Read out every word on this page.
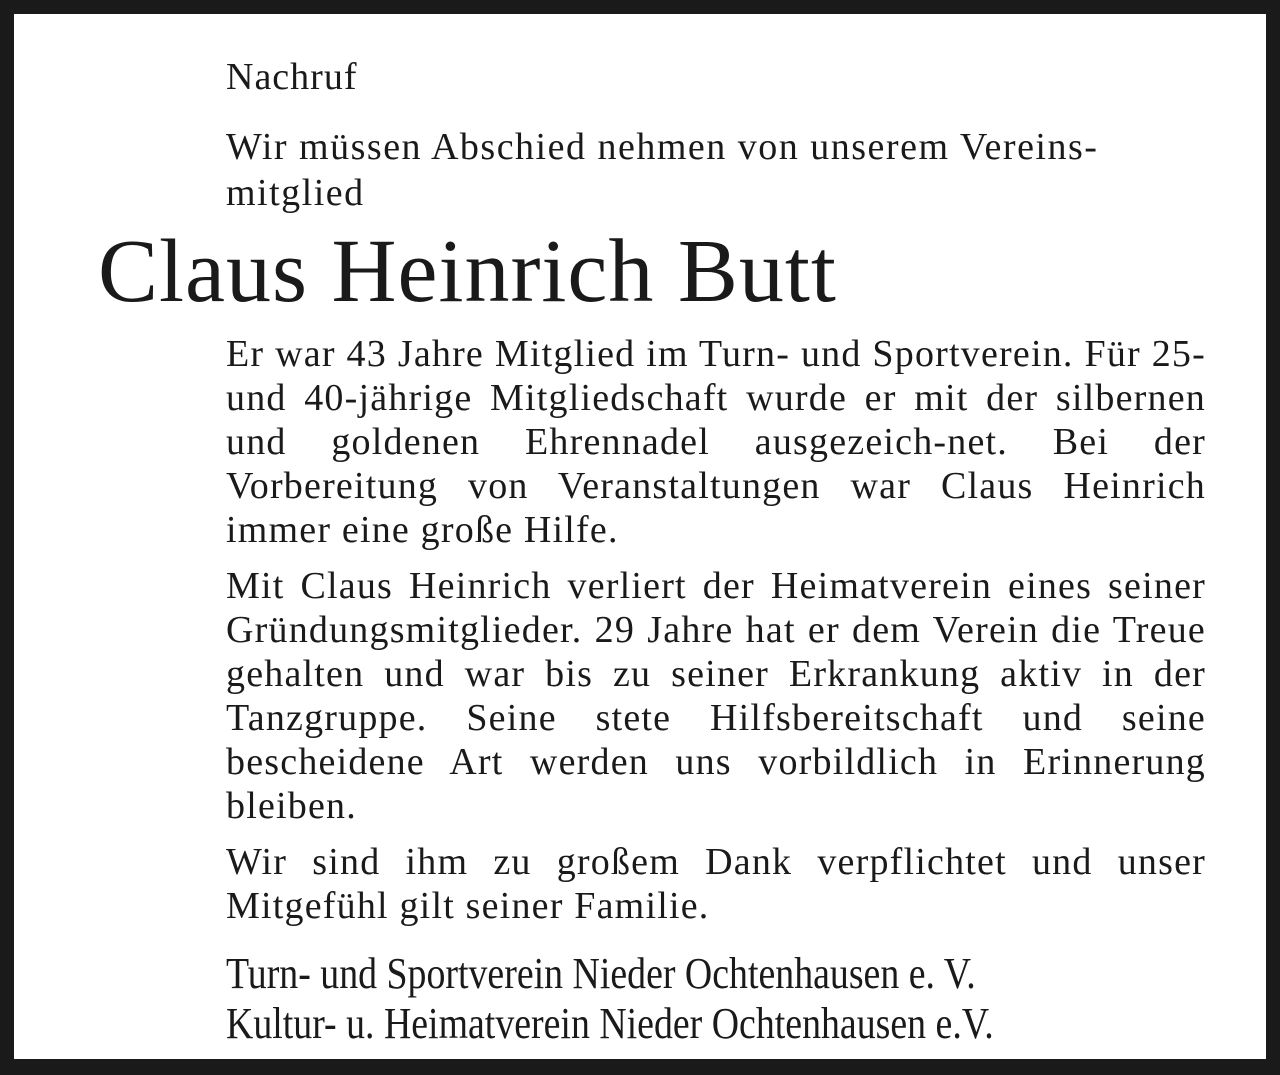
Nachruf
Wir müssen Abschied nehmen von unserem Vereins-mitglied
Claus Heinrich Butt
Er war 43 Jahre Mitglied im Turn- und Sportverein. Für 25- und 40-jährige Mitgliedschaft wurde er mit der silbernen und goldenen Ehrennadel ausgezeich-net. Bei der Vorbereitung von Veranstaltungen war Claus Heinrich immer eine große Hilfe.
Mit Claus Heinrich verliert der Heimatverein eines seiner Gründungsmitglieder. 29 Jahre hat er dem Verein die Treue gehalten und war bis zu seiner Erkrankung aktiv in der Tanzgruppe. Seine stete Hilfsbereitschaft und seine bescheidene Art werden uns vorbildlich in Erinnerung bleiben.
Wir sind ihm zu großem Dank verpflichtet und unser Mitgefühl gilt seiner Familie.
Turn- und Sportverein Nieder Ochtenhausen e. V.
Kultur- u. Heimatverein Nieder Ochtenhausen e.V.
